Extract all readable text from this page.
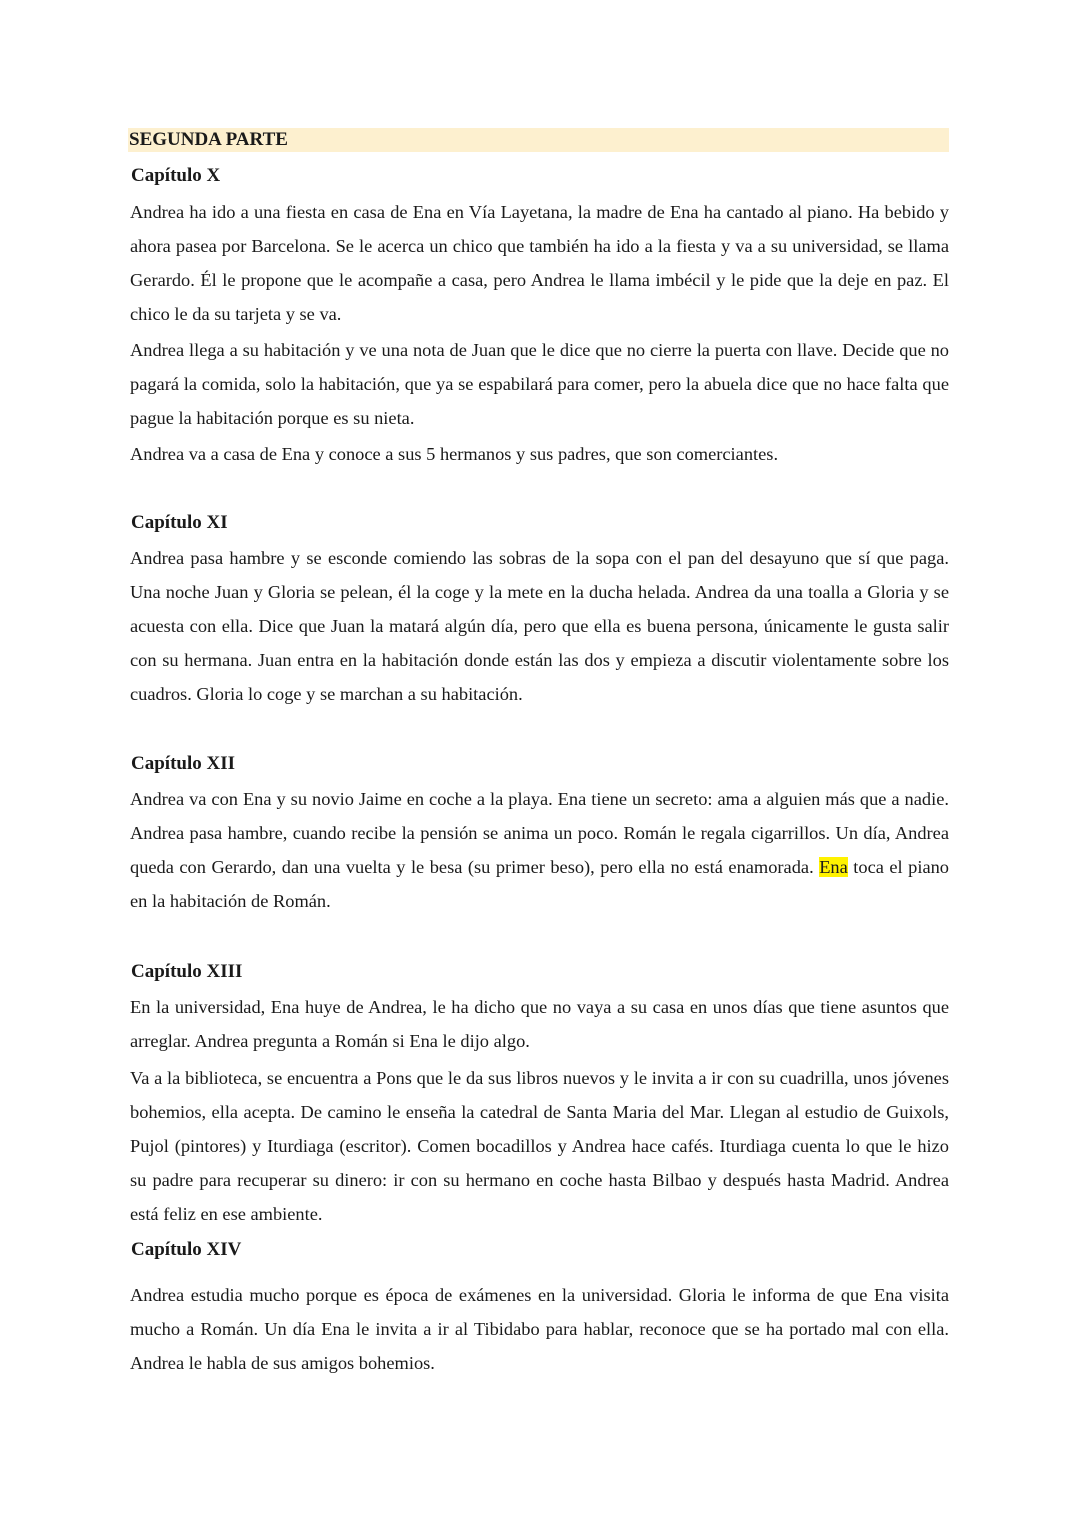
SEGUNDA PARTE
Capítulo X

Andrea ha ido a una fiesta en casa de Ena en Vía Layetana, la madre de Ena ha cantado al piano. Ha bebido y ahora pasea por Barcelona. Se le acerca un chico que también ha ido a la fiesta y va a su universidad, se llama Gerardo. Él le propone que le acompañe a casa, pero Andrea le llama imbécil y le pide que la deje en paz. El chico le da su tarjeta y se va.

Andrea llega a su habitación y ve una nota de Juan que le dice que no cierre la puerta con llave. Decide que no pagará la comida, solo la habitación, que ya se espabilará para comer, pero la abuela dice que no hace falta que pague la habitación porque es su nieta.

Andrea va a casa de Ena y conoce a sus 5 hermanos y sus padres, que son comerciantes.

Capítulo XI

Andrea pasa hambre y se esconde comiendo las sobras de la sopa con el pan del desayuno que sí que paga. Una noche Juan y Gloria se pelean, él la coge y la mete en la ducha helada. Andrea da una toalla a Gloria y se acuesta con ella. Dice que Juan la matará algún día, pero que ella es buena persona, únicamente le gusta salir con su hermana. Juan entra en la habitación donde están las dos y empieza a discutir violentamente sobre los cuadros. Gloria lo coge y se marchan a su habitación.

Capítulo XII

Andrea va con Ena y su novio Jaime en coche a la playa. Ena tiene un secreto: ama a alguien más que a nadie. Andrea pasa hambre, cuando recibe la pensión se anima un poco. Román le regala cigarrillos. Un día, Andrea queda con Gerardo, dan una vuelta y le besa (su primer beso), pero ella no está enamorada. Ena toca el piano en la habitación de Román.

Capítulo XIII

En la universidad, Ena huye de Andrea, le ha dicho que no vaya a su casa en unos días que tiene asuntos que arreglar. Andrea pregunta a Román si Ena le dijo algo.

Va a la biblioteca, se encuentra a Pons que le da sus libros nuevos y le invita a ir con su cuadrilla, unos jóvenes bohemios, ella acepta. De camino le enseña la catedral de Santa Maria del Mar. Llegan al estudio de Guixols, Pujol (pintores) y Iturdiaga (escritor). Comen bocadillos y Andrea hace cafés. Iturdiaga cuenta lo que le hizo su padre para recuperar su dinero: ir con su hermano en coche hasta Bilbao y después hasta Madrid. Andrea está feliz en ese ambiente.

Capítulo XIV

Andrea estudia mucho porque es época de exámenes en la universidad. Gloria le informa de que Ena visita mucho a Román. Un día Ena le invita a ir al Tibidabo para hablar, reconoce que se ha portado mal con ella. Andrea le habla de sus amigos bohemios.
